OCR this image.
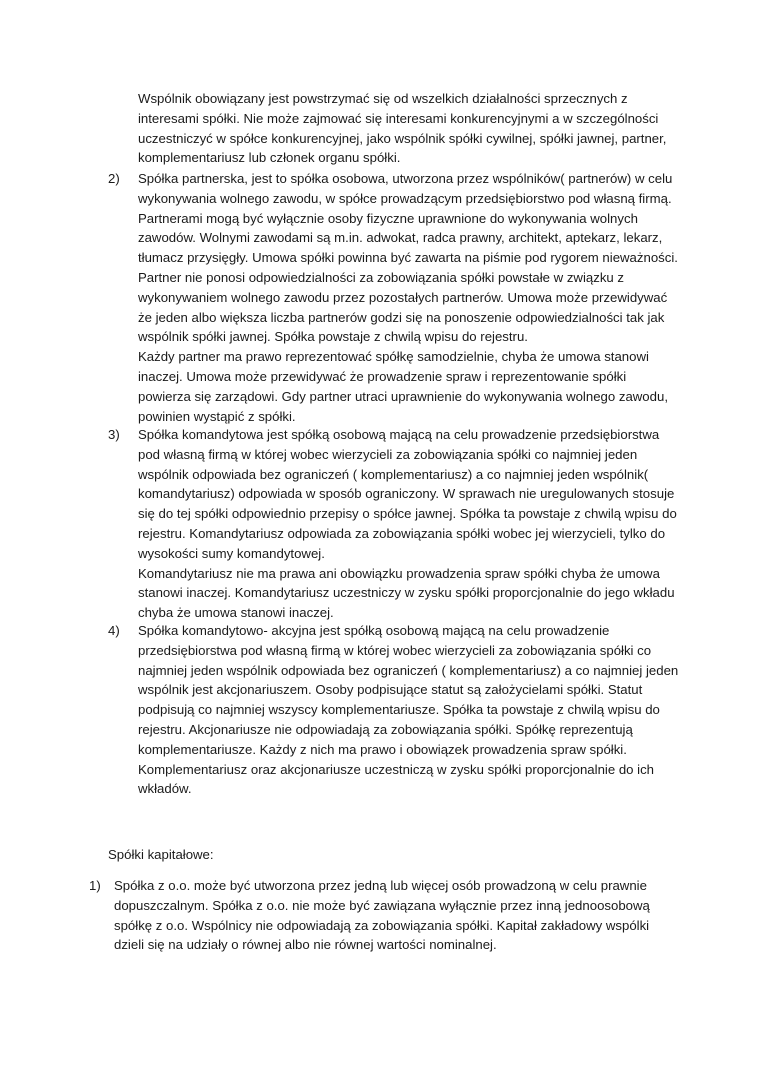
Wspólnik obowiązany jest powstrzymać się od wszelkich działalności sprzecznych z interesami spółki. Nie może zajmować się interesami konkurencyjnymi a w szczególności uczestniczyć w spółce konkurencyjnej, jako wspólnik spółki cywilnej, spółki jawnej, partner, komplementariusz lub członek organu spółki.

2)	Spółka partnerska, jest to spółka osobowa, utworzona przez wspólników( partnerów) w celu wykonywania wolnego zawodu, w spółce prowadzącym przedsiębiorstwo pod własną firmą. Partnerami mogą być wyłącznie osoby fizyczne uprawnione do wykonywania wolnych zawodów. Wolnymi zawodami są m.in. adwokat, radca prawny, architekt, aptekarz, lekarz, tłumacz przysięgły. Umowa spółki powinna być zawarta na piśmie pod rygorem nieważności. Partner nie ponosi odpowiedzialności za zobowiązania spółki powstałe w związku z wykonywaniem wolnego zawodu przez pozostałych partnerów. Umowa może przewidywać że jeden albo większa liczba partnerów godzi się na ponoszenie odpowiedzialności tak jak wspólnik spółki jawnej. Spółka powstaje z chwilą wpisu do rejestru.

Każdy partner ma prawo reprezentować spółkę samodzielnie, chyba że umowa stanowi inaczej. Umowa może przewidywać że prowadzenie spraw i reprezentowanie spółki powierza się zarządowi. Gdy partner utraci uprawnienie do wykonywania wolnego zawodu, powinien wystąpić z spółki.

3)	Spółka komandytowa jest spółką osobową mającą na celu prowadzenie przedsiębiorstwa pod własną firmą w której wobec wierzycieli za zobowiązania spółki co najmniej jeden wspólnik odpowiada bez ograniczeń ( komplementariusz) a co najmniej jeden wspólnik( komandytariusz) odpowiada w sposób ograniczony. W sprawach nie uregulowanych stosuje się do tej spółki odpowiednio przepisy o spółce jawnej. Spółka ta powstaje z chwilą wpisu do rejestru. Komandytariusz odpowiada za zobowiązania spółki wobec jej wierzycieli, tylko do wysokości sumy komandytowej.

Komandytariusz nie ma prawa ani obowiązku prowadzenia spraw spółki chyba że umowa stanowi inaczej. Komandytariusz uczestniczy w zysku spółki proporcjonalnie do jego wkładu chyba że umowa stanowi inaczej.

4)	Spółka komandytowo- akcyjna jest spółką osobową mającą na celu prowadzenie przedsiębiorstwa pod własną firmą w której wobec wierzycieli za zobowiązania spółki co najmniej jeden wspólnik odpowiada bez ograniczeń ( komplementariusz) a co najmniej jeden wspólnik jest akcjonariuszem. Osoby podpisujące statut są założycielami spółki. Statut podpisują co najmniej wszyscy komplementariusze. Spółka ta powstaje z chwilą wpisu do rejestru. Akcjonariusze nie odpowiadają za zobowiązania spółki. Spółkę reprezentują komplementariusze. Każdy z nich ma prawo i obowiązek prowadzenia spraw spółki. Komplementariusz oraz akcjonariusze uczestniczą w zysku spółki proporcjonalnie do ich wkładów.

Spółki kapitałowe:

1)	Spółka z o.o. może być utworzona przez jedną lub więcej osób prowadzoną w celu prawnie dopuszczalnym. Spółka z o.o. nie może być zawiązana wyłącznie przez inną jednoosobową spółkę z o.o. Wspólnicy nie odpowiadają za zobowiązania spółki. Kapitał zakładowy wspólki dzieli się na udziały o równej albo nie równej wartości nominalnej.
